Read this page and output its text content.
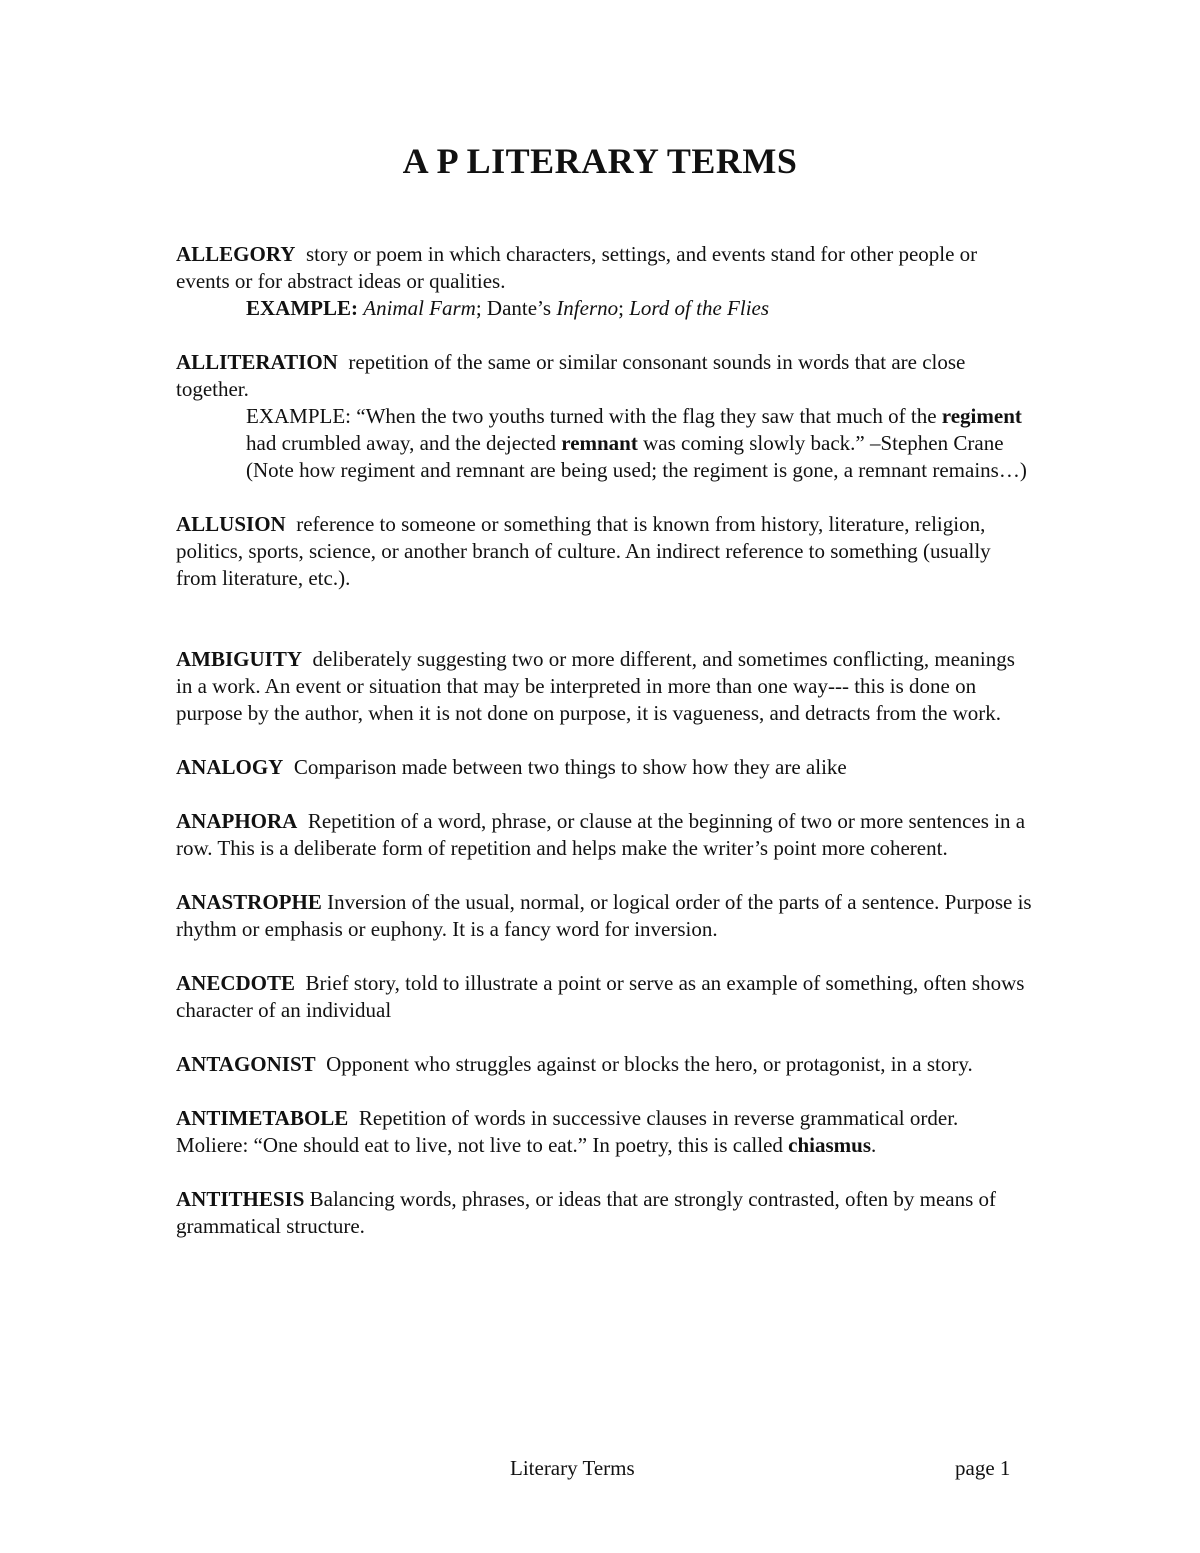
A P LITERARY TERMS

ALLEGORY story or poem in which characters, settings, and events stand for other people or events or for abstract ideas or qualities.

EXAMPLE: Animal Farm; Dante’s Inferno; Lord of the Flies

ALLITERATION repetition of the same or similar consonant sounds in words that are close together.

EXAMPLE: “When the two youths turned with the flag they saw that much of the regiment had crumbled away, and the dejected remnant was coming slowly back.” –Stephen Crane (Note how regiment and remnant are being used; the regiment is gone, a remnant remains…)

ALLUSION reference to someone or something that is known from history, literature, religion, politics, sports, science, or another branch of culture. An indirect reference to something (usually from literature, etc.).

AMBIGUITY deliberately suggesting two or more different, and sometimes conflicting, meanings in a work. An event or situation that may be interpreted in more than one way--- this is done on purpose by the author, when it is not done on purpose, it is vagueness, and detracts from the work.

ANALOGY Comparison made between two things to show how they are alike

ANAPHORA Repetition of a word, phrase, or clause at the beginning of two or more sentences in a row. This is a deliberate form of repetition and helps make the writer’s point more coherent.

ANASTROPHE Inversion of the usual, normal, or logical order of the parts of a sentence. Purpose is rhythm or emphasis or euphony. It is a fancy word for inversion.

ANECDOTE Brief story, told to illustrate a point or serve as an example of something, often shows character of an individual

ANTAGONIST Opponent who struggles against or blocks the hero, or protagonist, in a story.

ANTIMETABOLE Repetition of words in successive clauses in reverse grammatical order.

Moliere: “One should eat to live, not live to eat.” In poetry, this is called chiasmus.

ANTITHESIS Balancing words, phrases, or ideas that are strongly contrasted, often by means of grammatical structure.

Literary Terms	page 1
